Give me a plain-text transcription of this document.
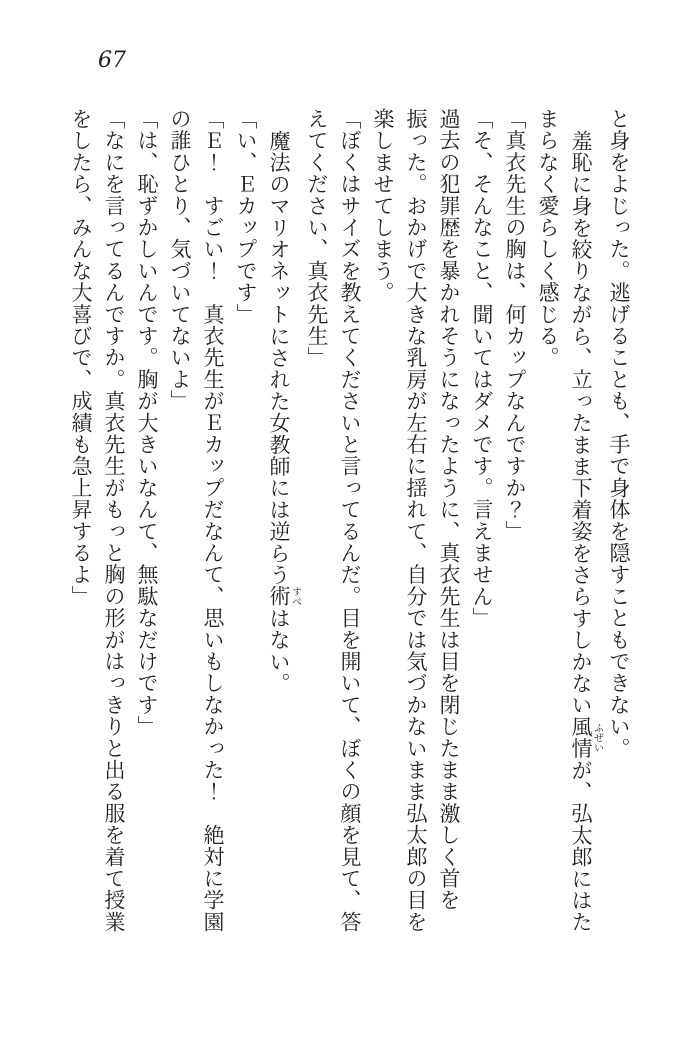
67
と身をよじった。逃げることも、手で身体を隠すこともできない。
羞恥に身を絞りながら、立ったまま下着姿をさらすしかない風情ふぜいが、弘太郎にはた
まらなく愛らしく感じる。
「真衣先生の胸は、何カップなんですか？」
「そ、そんなこと、聞いてはダメです。言えません」
過去の犯罪歴を暴かれそうになったように、真衣先生は目を閉じたまま激しく首を
振った。おかげで大きな乳房が左右に揺れて、自分では気づかないまま弘太郎の目を
楽しませてしまう。
「ぼくはサイズを教えてくださいと言ってるんだ。目を開いて、ぼくの顔を見て、答
えてください、真衣先生」
魔法のマリオネットにされた女教師には逆らう術すべはない。
「い、Ｅカップです」
「Ｅ！　すごい！　真衣先生がＥカップだなんて、思いもしなかった！　絶対に学園
の誰ひとり、気づいてないよ」
「は、恥ずかしいんです。胸が大きいなんて、無駄なだけです」
「なにを言ってるんですか。真衣先生がもっと胸の形がはっきりと出る服を着て授業
をしたら、みんな大喜びで、成績も急上昇するよ」
